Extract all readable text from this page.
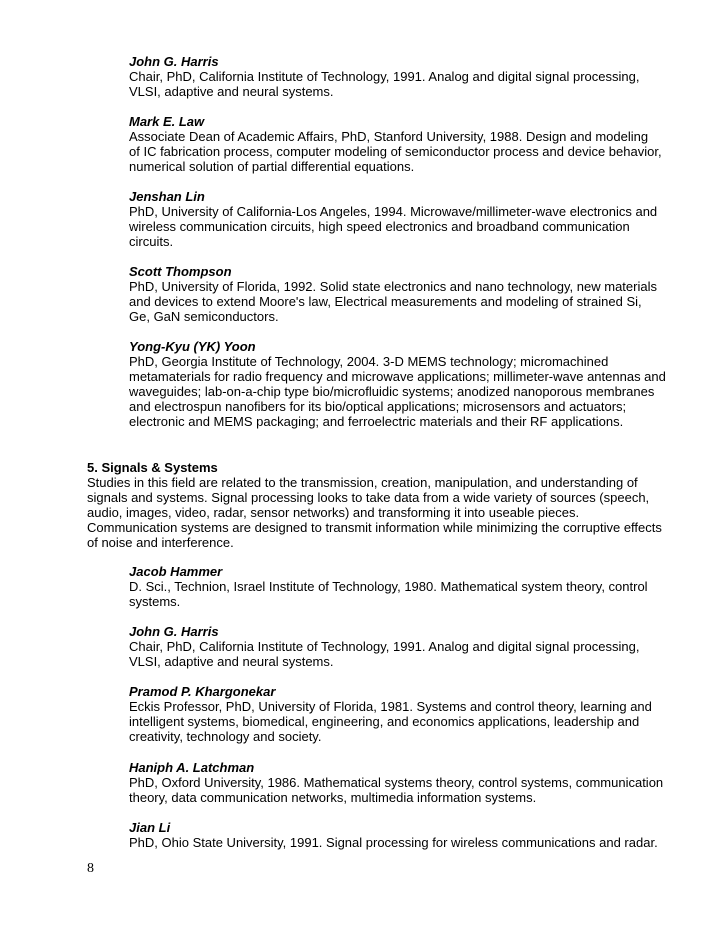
John G. Harris
Chair, PhD, California Institute of Technology, 1991. Analog and digital signal processing,
VLSI, adaptive and neural systems.
Mark E. Law
Associate Dean of Academic Affairs, PhD, Stanford University, 1988. Design and modeling
of IC fabrication process, computer modeling of semiconductor process and device behavior,
numerical solution of partial differential equations.
Jenshan Lin
PhD, University of California-Los Angeles, 1994. Microwave/millimeter-wave electronics and
wireless communication circuits, high speed electronics and broadband communication
circuits.
Scott Thompson
PhD, University of Florida, 1992. Solid state electronics and nano technology, new materials
and devices to extend Moore's law, Electrical measurements and modeling of strained Si,
Ge, GaN semiconductors.
Yong-Kyu (YK) Yoon
PhD, Georgia Institute of Technology, 2004. 3-D MEMS technology; micromachined
metamaterials for radio frequency and microwave applications; millimeter-wave antennas and
waveguides; lab-on-a-chip type bio/microfluidic systems; anodized nanoporous membranes
and electrospun nanofibers for its bio/optical applications; microsensors and actuators;
electronic and MEMS packaging; and ferroelectric materials and their RF applications.
5. Signals & Systems
Studies in this field are related to the transmission, creation, manipulation, and understanding of
signals and systems. Signal processing looks to take data from a wide variety of sources (speech,
audio, images, video, radar, sensor networks) and transforming it into useable pieces.
Communication systems are designed to transmit information while minimizing the corruptive effects
of noise and interference.
Jacob Hammer
D. Sci., Technion, Israel Institute of Technology, 1980. Mathematical system theory, control
systems.
John G. Harris
Chair, PhD, California Institute of Technology, 1991. Analog and digital signal processing,
VLSI, adaptive and neural systems.
Pramod P. Khargonekar
Eckis Professor, PhD, University of Florida, 1981. Systems and control theory, learning and
intelligent systems, biomedical, engineering, and economics applications, leadership and
creativity, technology and society.
Haniph A. Latchman
PhD, Oxford University, 1986. Mathematical systems theory, control systems, communication
theory, data communication networks, multimedia information systems.
Jian Li
PhD, Ohio State University, 1991. Signal processing for wireless communications and radar.
8
